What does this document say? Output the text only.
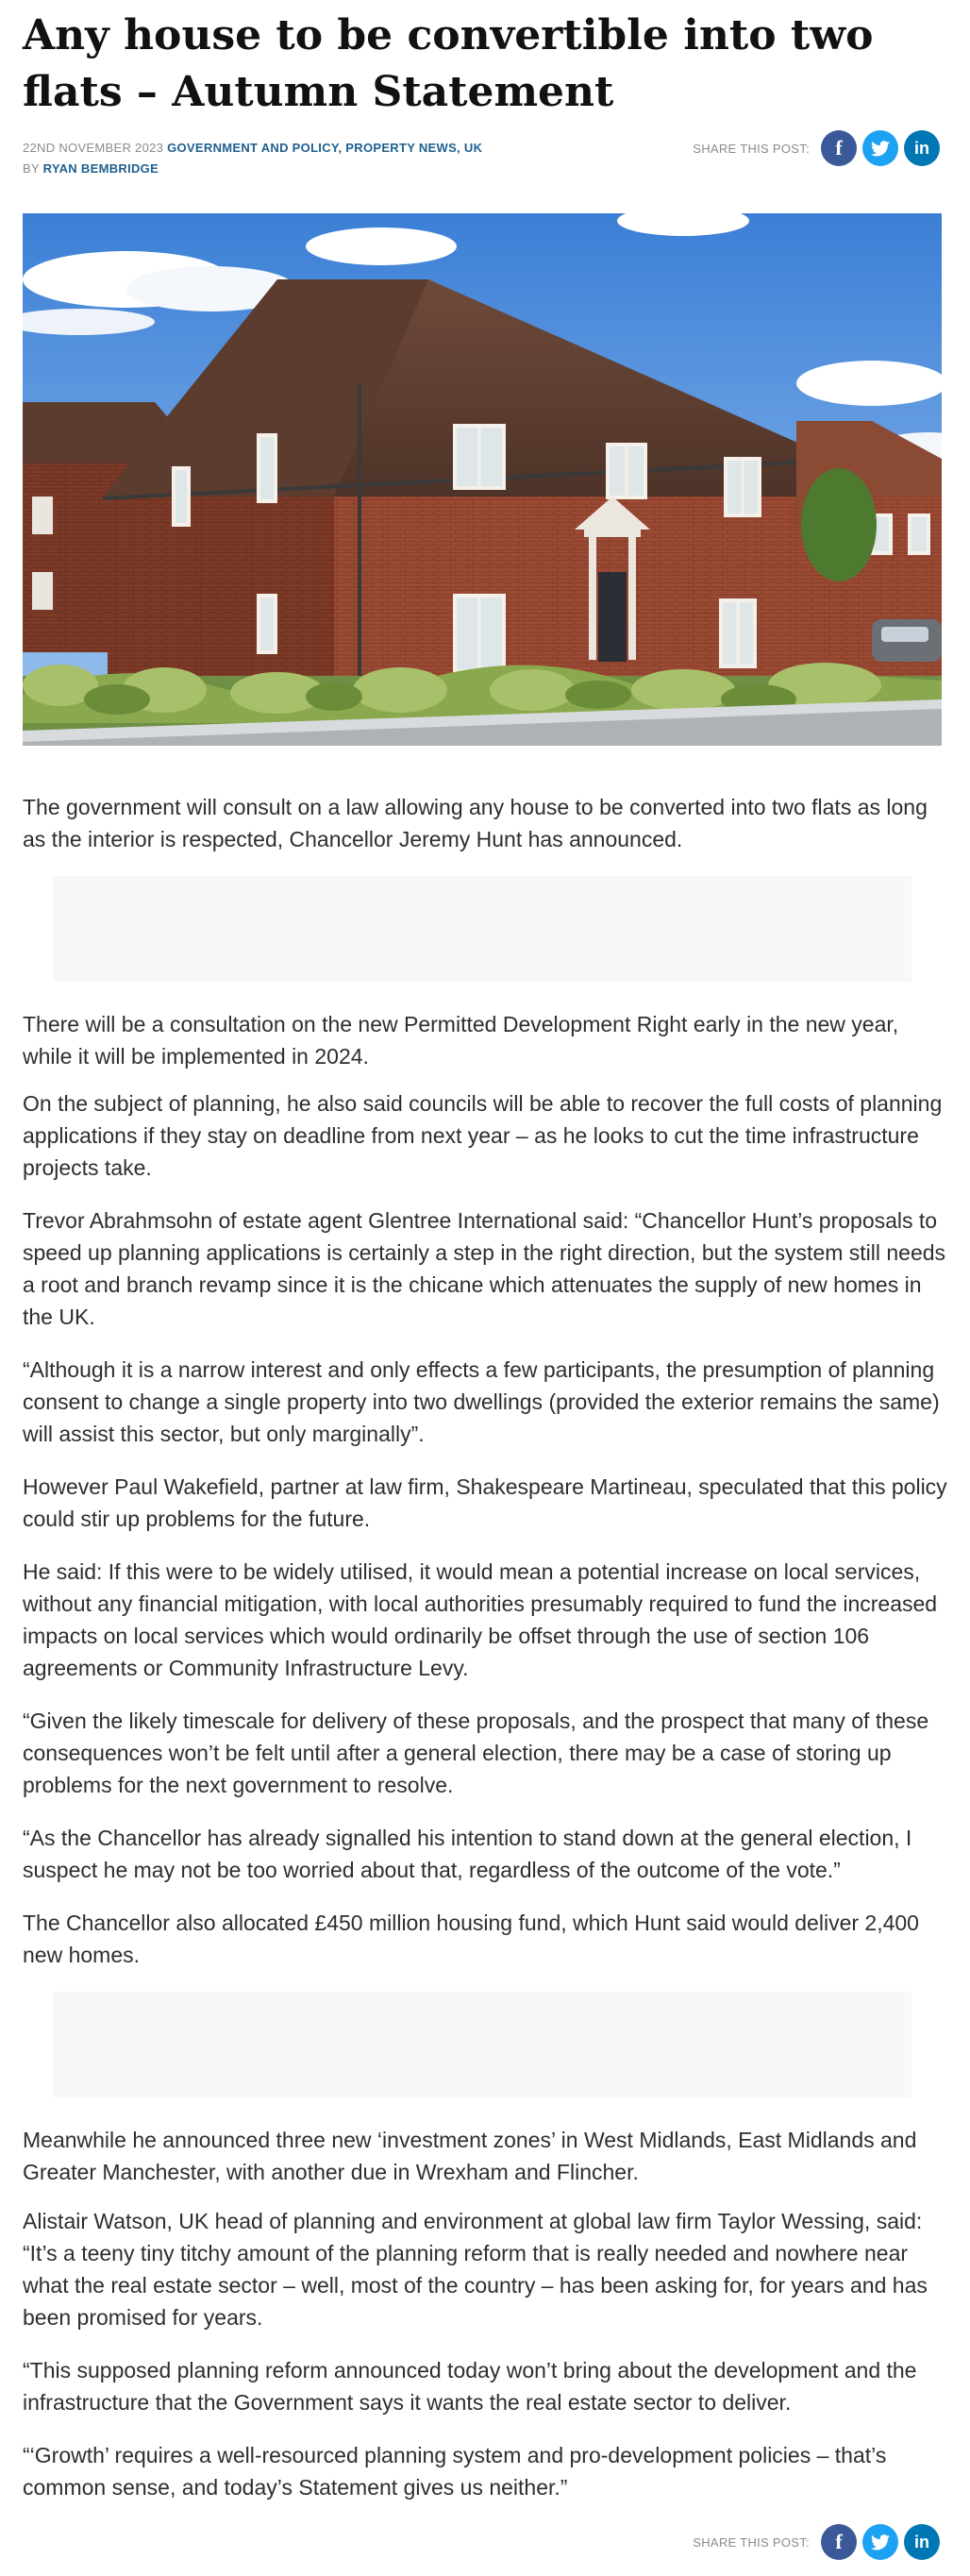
Any house to be convertible into two flats – Autumn Statement
22ND NOVEMBER 2023 GOVERNMENT AND POLICY, PROPERTY NEWS, UK
BY RYAN BEMBRIDGE
SHARE THIS POST: f	in

The government will consult on a law allowing any house to be converted into two flats as long as the interior is respected, Chancellor Jeremy Hunt has announced.

There will be a consultation on the new Permitted Development Right early in the new year, while it will be implemented in 2024.

On the subject of planning, he also said councils will be able to recover the full costs of planning applications if they stay on deadline from next year – as he looks to cut the time infrastructure projects take.

Trevor Abrahmsohn of estate agent Glentree International said: “Chancellor Hunt’s proposals to speed up planning applications is certainly a step in the right direction, but the system still needs a root and branch revamp since it is the chicane which attenuates the supply of new homes in the UK.

“Although it is a narrow interest and only effects a few participants, the presumption of planning consent to change a single property into two dwellings (provided the exterior remains the same) will assist this sector, but only marginally”.

However Paul Wakefield, partner at law firm, Shakespeare Martineau, speculated that this policy could stir up problems for the future.

He said: If this were to be widely utilised, it would mean a potential increase on local services, without any financial mitigation, with local authorities presumably required to fund the increased impacts on local services which would ordinarily be offset through the use of section 106 agreements or Community Infrastructure Levy.

“Given the likely timescale for delivery of these proposals, and the prospect that many of these consequences won’t be felt until after a general election, there may be a case of storing up problems for the next government to resolve.

“As the Chancellor has already signalled his intention to stand down at the general election, I suspect he may not be too worried about that, regardless of the outcome of the vote.”

The Chancellor also allocated £450 million housing fund, which Hunt said would deliver 2,400 new homes.

Meanwhile he announced three new ‘investment zones’ in West Midlands, East Midlands and Greater Manchester, with another due in Wrexham and Flincher.

Alistair Watson, UK head of planning and environment at global law firm Taylor Wessing, said: “It’s a teeny tiny titchy amount of the planning reform that is really needed and nowhere near what the real estate sector – well, most of the country – has been asking for, for years and has been promised for years.

“This supposed planning reform announced today won’t bring about the development and the infrastructure that the Government says it wants the real estate sector to deliver.

“‘Growth’ requires a well-resourced planning system and pro-development policies – that’s common sense, and today’s Statement gives us neither.”

SHARE THIS POST: f	in
